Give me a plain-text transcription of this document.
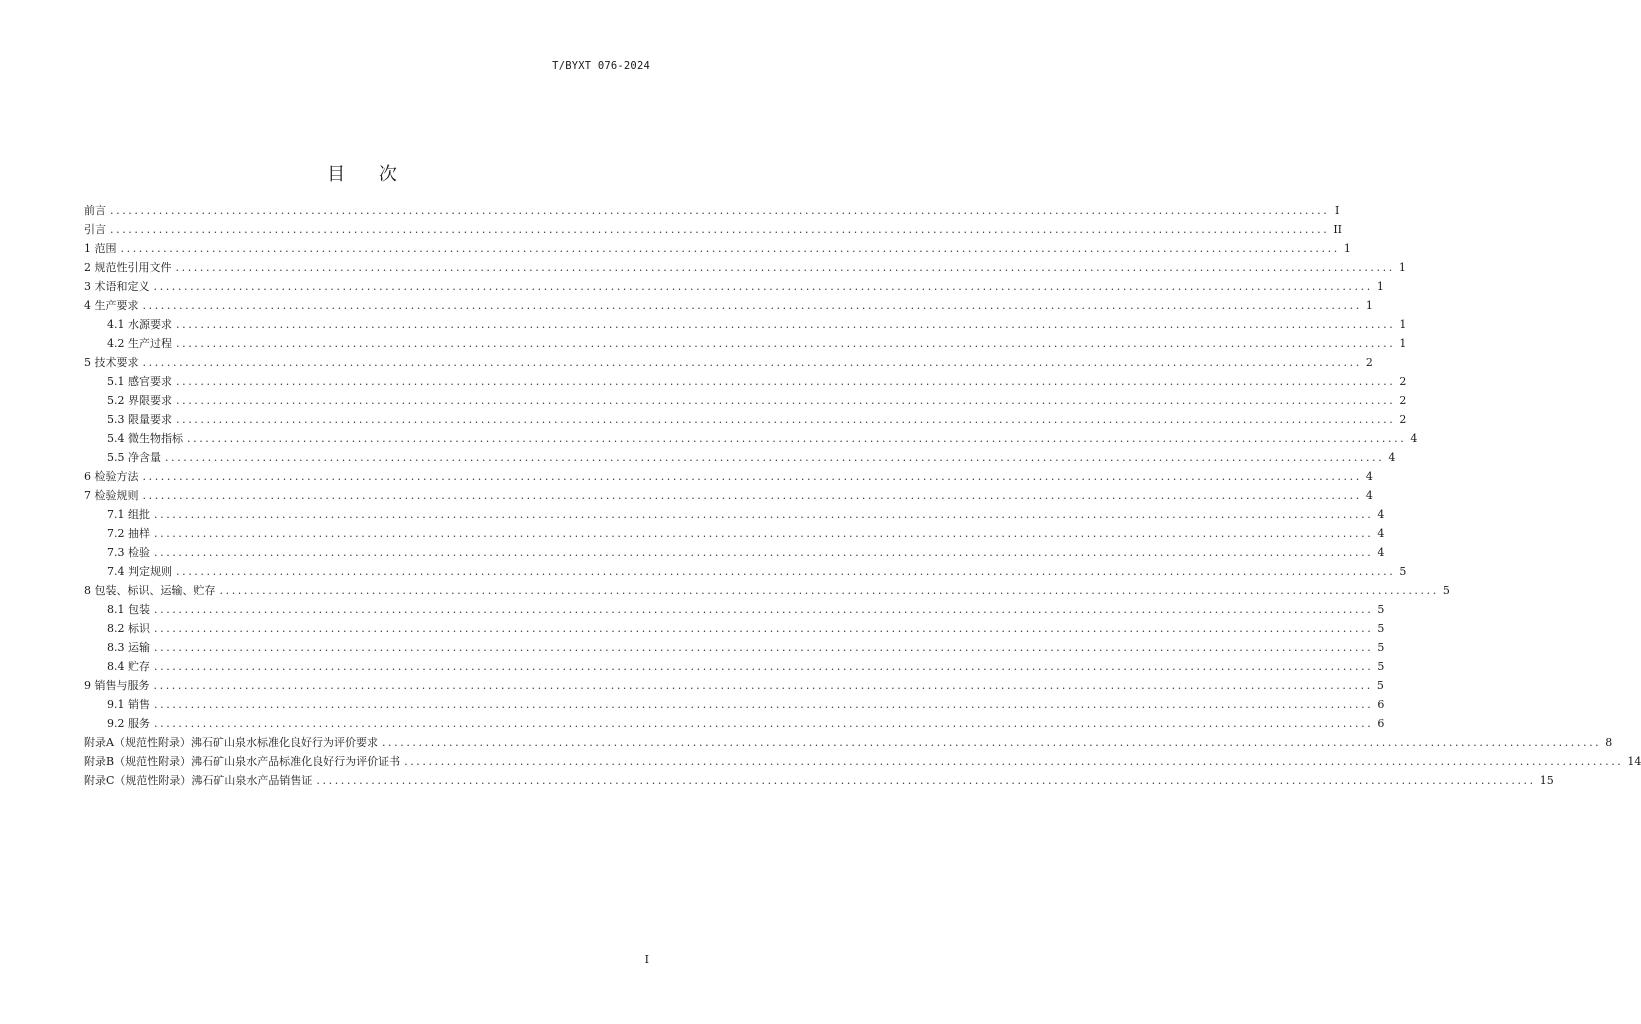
T/BYXT 076-2024
目 次
前言 ........................................................................................................................................................................................................ I
引言 ........................................................................................................................................................................................................ II
1 范围 ........................................................................................................................................................................................................ 1
2 规范性引用文件 ........................................................................................................................................................................................................ 1
3 术语和定义 ........................................................................................................................................................................................................ 1
4 生产要求 ........................................................................................................................................................................................................ 1
4.1 水源要求 ........................................................................................................................................................................................................ 1
4.2 生产过程 ........................................................................................................................................................................................................ 1
5 技术要求 ........................................................................................................................................................................................................ 2
5.1 感官要求 ........................................................................................................................................................................................................ 2
5.2 界限要求 ........................................................................................................................................................................................................ 2
5.3 限量要求 ........................................................................................................................................................................................................ 2
5.4 微生物指标 ........................................................................................................................................................................................................ 4
5.5 净含量 ........................................................................................................................................................................................................ 4
6 检验方法 ........................................................................................................................................................................................................ 4
7 检验规则 ........................................................................................................................................................................................................ 4
7.1 组批 ........................................................................................................................................................................................................ 4
7.2 抽样 ........................................................................................................................................................................................................ 4
7.3 检验 ........................................................................................................................................................................................................ 4
7.4 判定规则 ........................................................................................................................................................................................................ 5
8 包装、标识、运输、贮存 ........................................................................................................................................................................................................ 5
8.1 包装 ........................................................................................................................................................................................................ 5
8.2 标识 ........................................................................................................................................................................................................ 5
8.3 运输 ........................................................................................................................................................................................................ 5
8.4 贮存 ........................................................................................................................................................................................................ 5
9 销售与服务 ........................................................................................................................................................................................................ 5
9.1 销售 ........................................................................................................................................................................................................ 6
9.2 服务 ........................................................................................................................................................................................................ 6
附录A（规范性附录）沸石矿山泉水标准化良好行为评价要求 ........................................................................................................................................................................................................ 8
附录B（规范性附录）沸石矿山泉水产品标准化良好行为评价证书 ........................................................................................................................................................................................................ 14
附录C（规范性附录）沸石矿山泉水产品销售证 ........................................................................................................................................................................................................ 15
I
